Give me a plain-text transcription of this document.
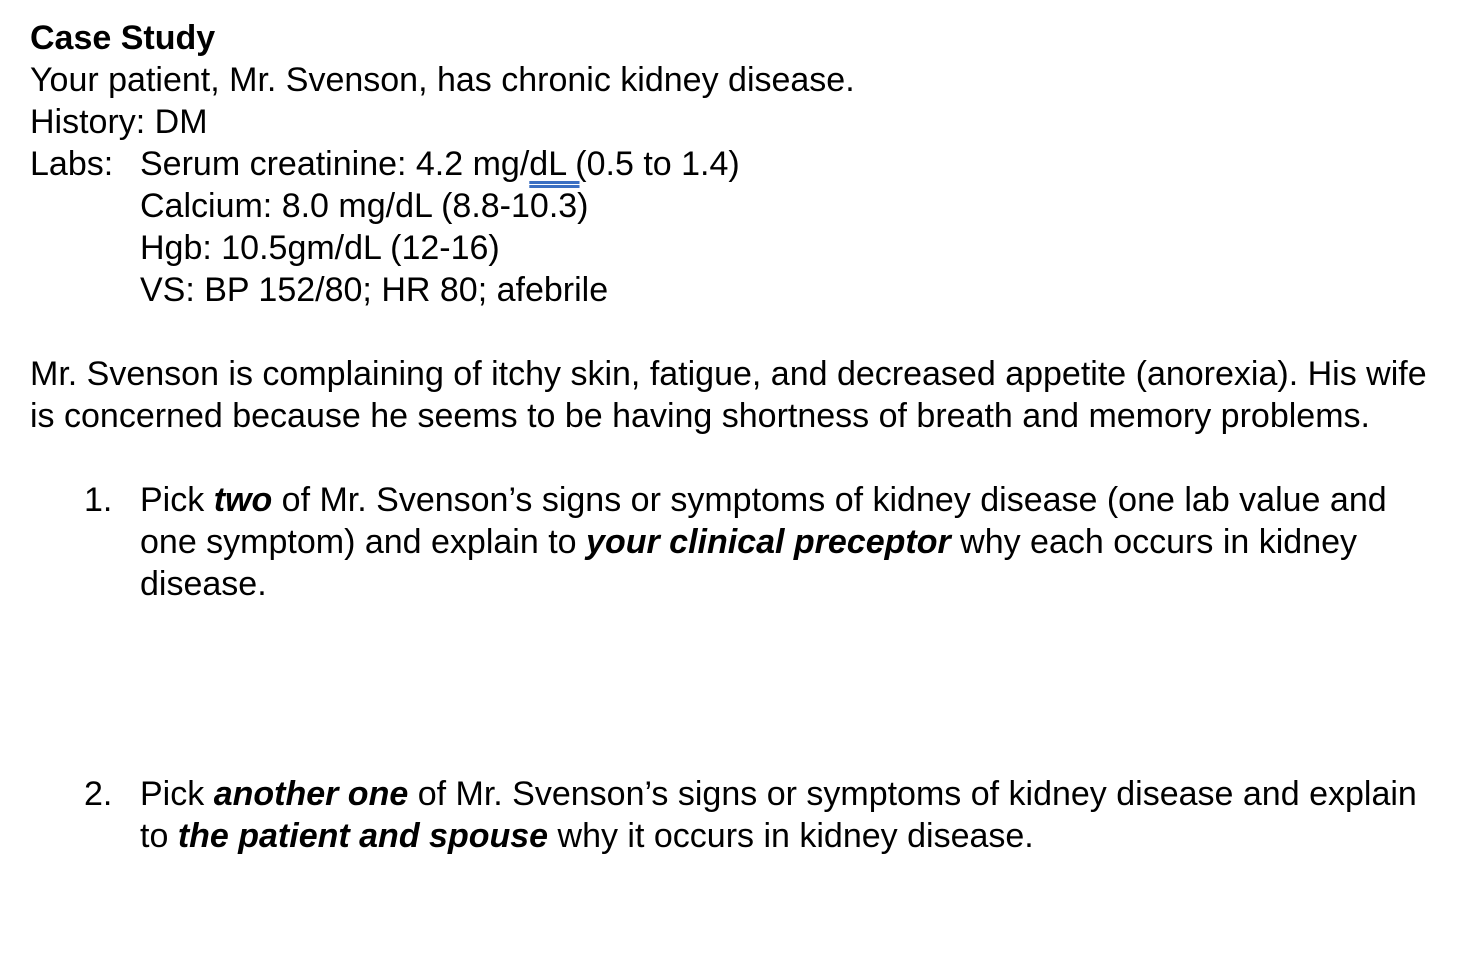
Case Study
Your patient, Mr. Svenson, has chronic kidney disease.
History: DM
Labs: Serum creatinine: 4.2 mg/dL (0.5 to 1.4)
Calcium: 8.0 mg/dL (8.8-10.3)
Hgb: 10.5gm/dL (12-16)
VS: BP 152/80; HR 80; afebrile
Mr. Svenson is complaining of itchy skin, fatigue, and decreased appetite (anorexia). His wife is concerned because he seems to be having shortness of breath and memory problems.
1. Pick two of Mr. Svenson’s signs or symptoms of kidney disease (one lab value and one symptom) and explain to your clinical preceptor why each occurs in kidney disease.
2. Pick another one of Mr. Svenson’s signs or symptoms of kidney disease and explain to the patient and spouse why it occurs in kidney disease.
